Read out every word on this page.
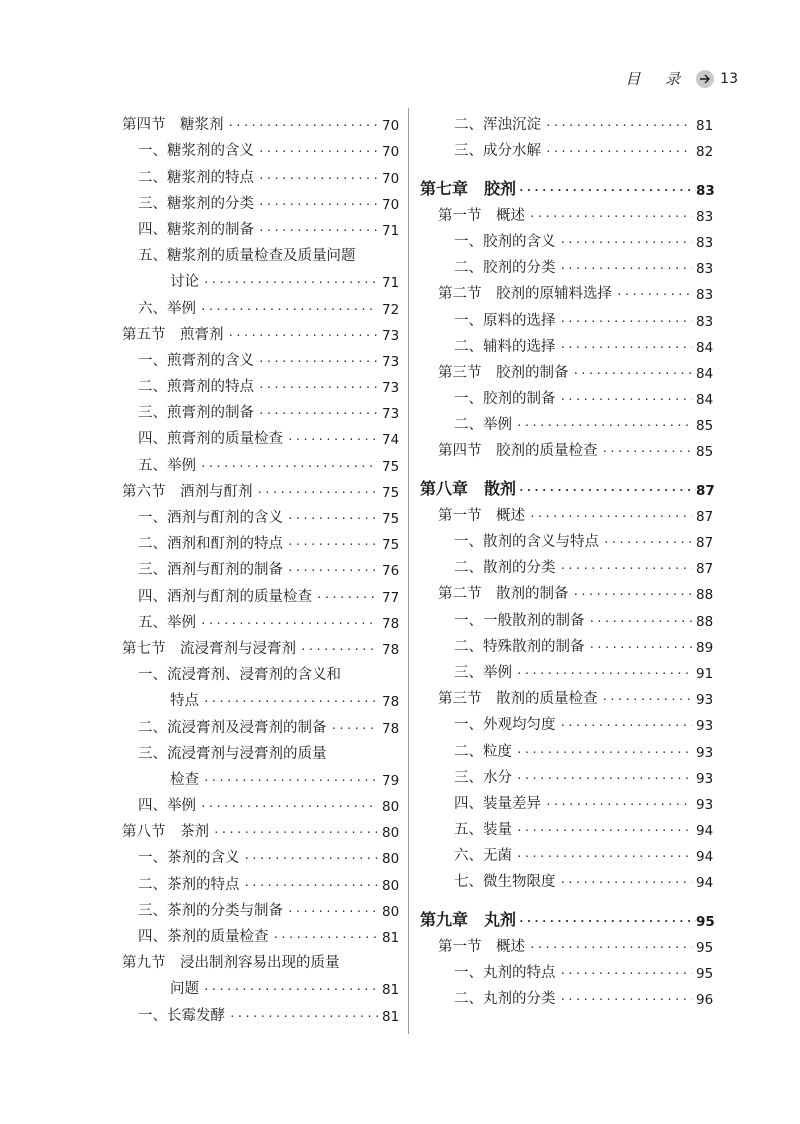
目 录 13
第四节　糖浆剂 ·····	70
一、糖浆剂的含义 ·····	70
二、糖浆剂的特点 ·····	70
三、糖浆剂的分类 ·····	70
四、糖浆剂的制备 ·····	71
五、糖浆剂的质量检查及质量问题
讨论 ·····	71
六、举例 ·····	72
第五节　煎膏剂 ·····	73
一、煎膏剂的含义 ·····	73
二、煎膏剂的特点 ·····	73
三、煎膏剂的制备 ·····	73
四、煎膏剂的质量检查 ·····	74
五、举例 ·····	75
第六节　酒剂与酊剂 ·····	75
一、酒剂与酊剂的含义 ·····	75
二、酒剂和酊剂的特点 ·····	75
三、酒剂与酊剂的制备 ·····	76
四、酒剂与酊剂的质量检查 ·····	77
五、举例 ·····	78
第七节　流浸膏剂与浸膏剂 ·····	78
一、流浸膏剂、浸膏剂的含义和
特点 ·····	78
二、流浸膏剂及浸膏剂的制备 ·····	78
三、流浸膏剂与浸膏剂的质量
检查 ·····	79
四、举例 ·····	80
第八节　茶剂 ·····	80
一、茶剂的含义 ·····	80
二、茶剂的特点 ·····	80
三、茶剂的分类与制备 ·····	80
四、茶剂的质量检查 ·····	81
第九节　浸出制剂容易出现的质量
问题 ·····	81
一、长霉发酵 ·····	81
二、浑浊沉淀 ·····	81
三、成分水解 ·····	82
第七章　胶剂 ·····	83
第一节　概述 ·····	83
一、胶剂的含义 ·····	83
二、胶剂的分类 ·····	83
第二节　胶剂的原辅料选择 ·····	83
一、原料的选择 ·····	83
二、辅料的选择 ·····	84
第三节　胶剂的制备 ·····	84
一、胶剂的制备 ·····	84
二、举例 ·····	85
第四节　胶剂的质量检查 ·····	85
第八章　散剂 ·····	87
第一节　概述 ·····	87
一、散剂的含义与特点 ·····	87
二、散剂的分类 ·····	87
第二节　散剂的制备 ·····	88
一、一般散剂的制备 ·····	88
二、特殊散剂的制备 ·····	89
三、举例 ·····	91
第三节　散剂的质量检查 ·····	93
一、外观均匀度 ·····	93
二、粒度 ·····	93
三、水分 ·····	93
四、装量差异 ·····	93
五、装量 ·····	94
六、无菌 ·····	94
七、微生物限度 ·····	94
第九章　丸剂 ·····	95
第一节　概述 ·····	95
一、丸剂的特点 ·····	95
二、丸剂的分类 ·····	96
